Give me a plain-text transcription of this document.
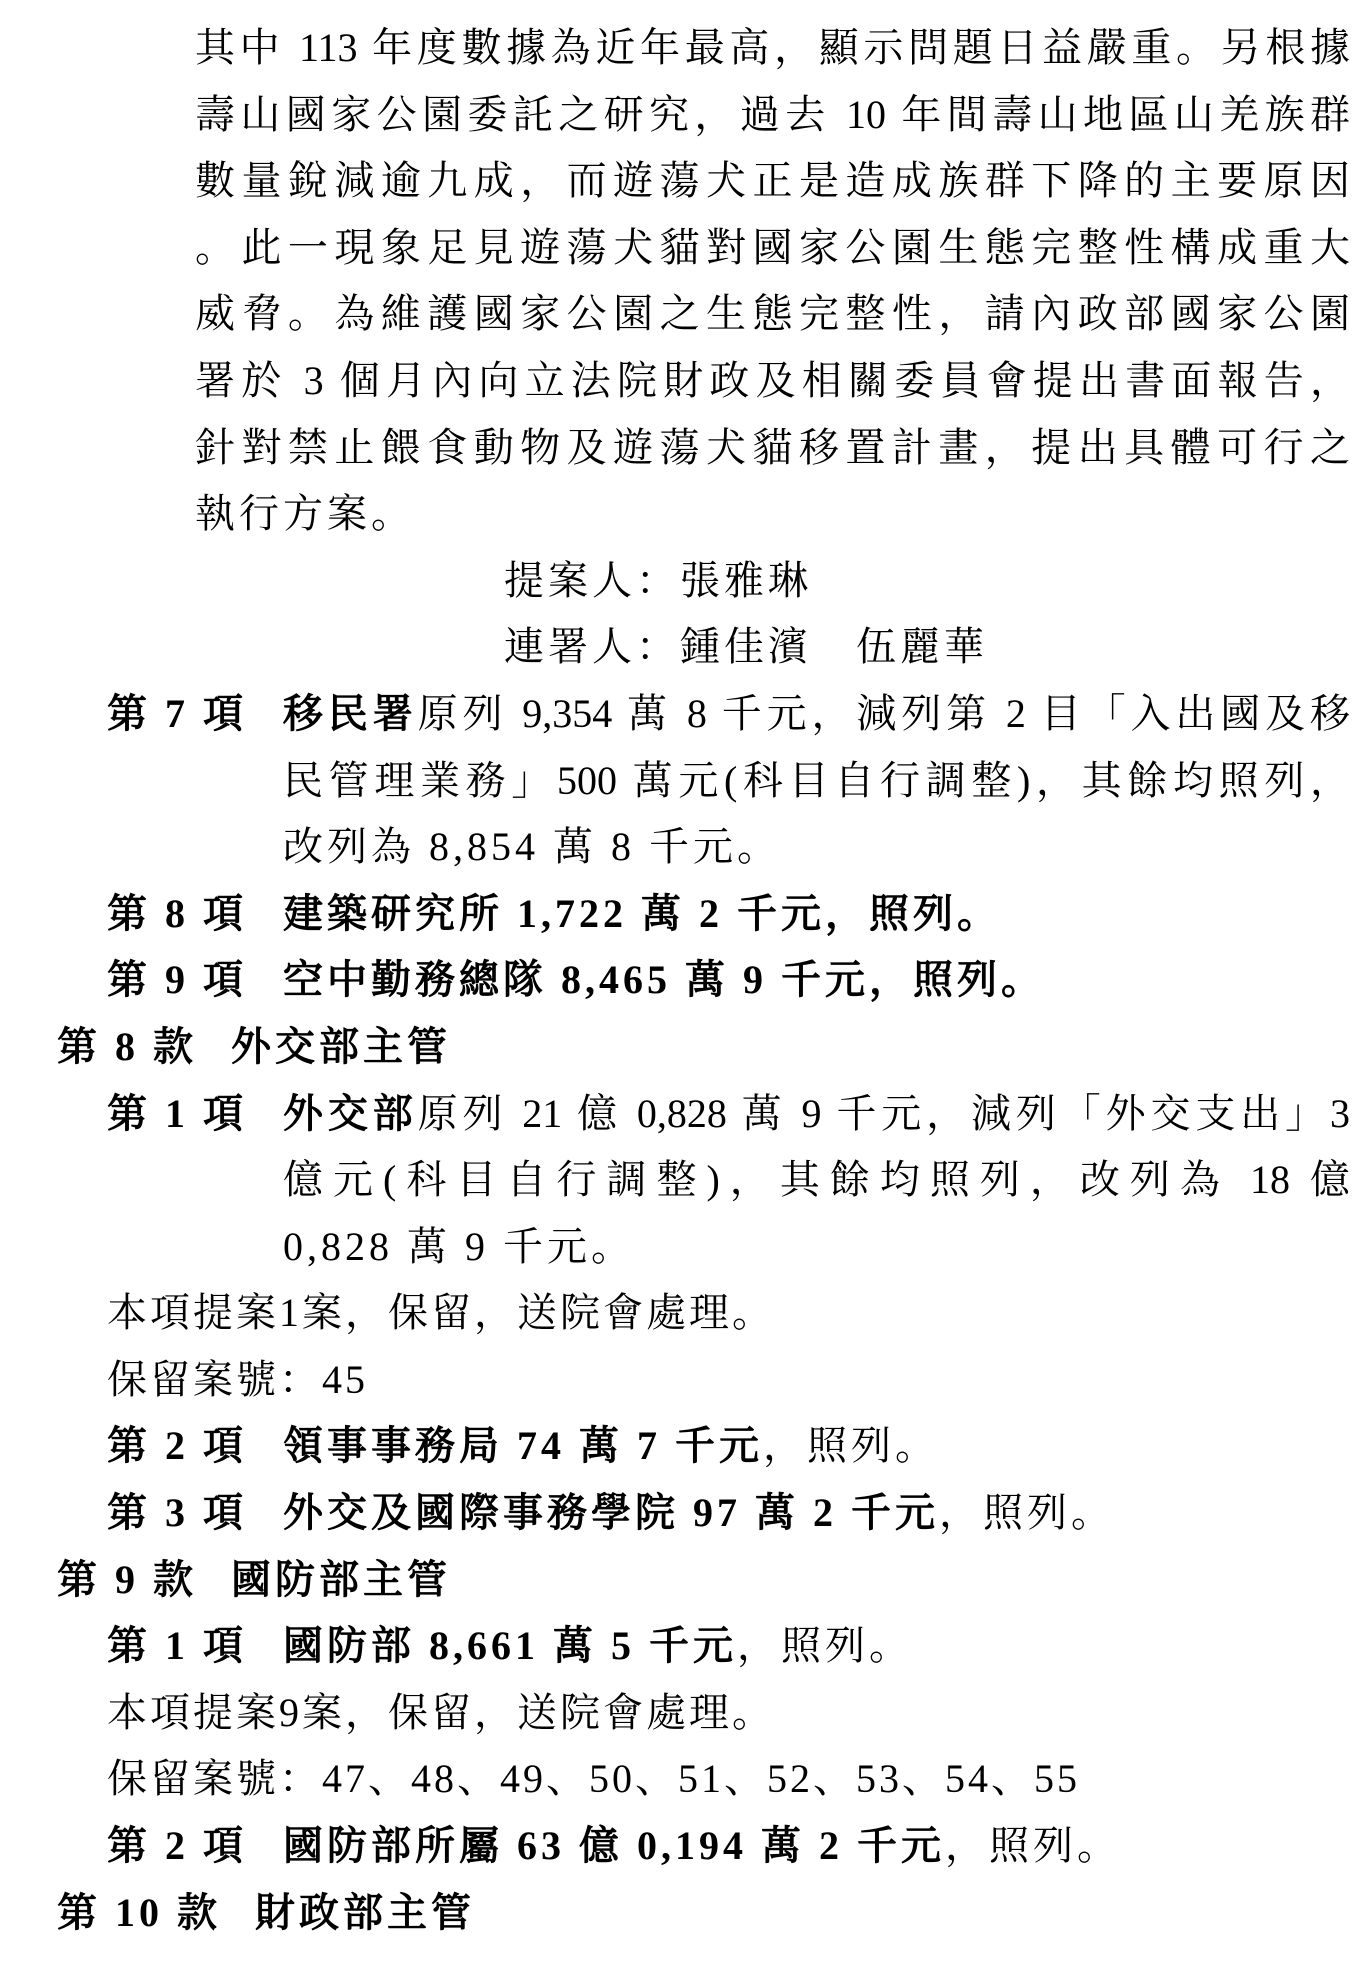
其中 113 年度數據為近年最高，顯示問題日益嚴重。另根據
壽山國家公園委託之研究，過去 10 年間壽山地區山羌族群
數量銳減逾九成，而遊蕩犬正是造成族群下降的主要原因
。此一現象足見遊蕩犬貓對國家公園生態完整性構成重大
威脅。為維護國家公園之生態完整性，請內政部國家公園
署於 3 個月內向立法院財政及相關委員會提出書面報告，
針對禁止餵食動物及遊蕩犬貓移置計畫，提出具體可行之
執行方案。
提案人：張雅琳
連署人：鍾佳濱　伍麗華
第 7 項 移民署原列 9,354 萬 8 千元，減列第 2 目「入出國及移
民管理業務」500 萬元(科目自行調整)，其餘均照列，
改列為 8,854 萬 8 千元。
第 8 項 建築研究所 1,722 萬 2 千元，照列。
第 9 項 空中勤務總隊 8,465 萬 9 千元，照列。
第 8 款 外交部主管
第 1 項 外交部原列 21 億 0,828 萬 9 千元，減列「外交支出」3
億元(科目自行調整)，其餘均照列，改列為 18 億
0,828 萬 9 千元。
本項提案1案，保留，送院會處理。
保留案號：45
第 2 項 領事事務局 74 萬 7 千元，照列。
第 3 項 外交及國際事務學院 97 萬 2 千元，照列。
第 9 款 國防部主管
第 1 項 國防部 8,661 萬 5 千元，照列。
本項提案9案，保留，送院會處理。
保留案號：47、48、49、50、51、52、53、54、55
第 2 項 國防部所屬 63 億 0,194 萬 2 千元，照列。
第 10 款 財政部主管
